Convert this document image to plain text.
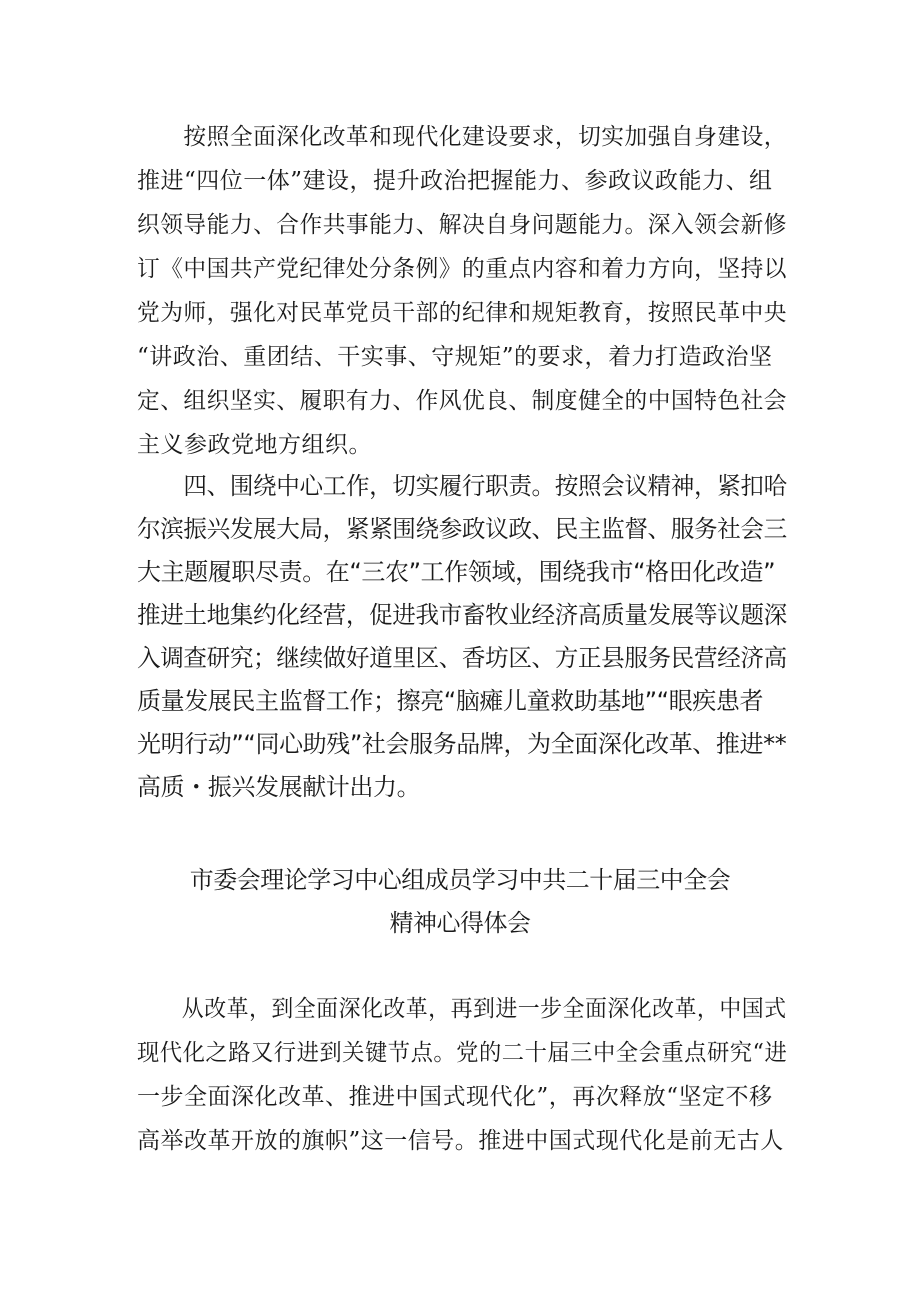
　　按照全面深化改革和现代化建设要求，切实加强自身建设，
推进“四位一体”建设，提升政治把握能力、参政议政能力、组
织领导能力、合作共事能力、解决自身问题能力。深入领会新修
订《中国共产党纪律处分条例》的重点内容和着力方向，坚持以
党为师，强化对民革党员干部的纪律和规矩教育，按照民革中央
“讲政治、重团结、干实事、守规矩”的要求，着力打造政治坚
定、组织坚实、履职有力、作风优良、制度健全的中国特色社会
主义参政党地方组织。
　　四、围绕中心工作，切实履行职责。按照会议精神，紧扣哈
尔滨振兴发展大局，紧紧围绕参政议政、民主监督、服务社会三
大主题履职尽责。在“三农”工作领域，围绕我市“格田化改造”
推进土地集约化经营，促进我市畜牧业经济高质量发展等议题深
入调查研究；继续做好道里区、香坊区、方正县服务民营经济高
质量发展民主监督工作；擦亮“脑瘫儿童救助基地”“眼疾患者
光明行动”“同心助残”社会服务品牌，为全面深化改革、推进**
高质・振兴发展献计出力。
市委会理论学习中心组成员学习中共二十届三中全会
精神心得体会
　　从改革，到全面深化改革，再到进一步全面深化改革，中国式
现代化之路又行进到关键节点。党的二十届三中全会重点研究“进
一步全面深化改革、推进中国式现代化”，再次释放“坚定不移
高举改革开放的旗帜”这一信号。推进中国式现代化是前无古人
